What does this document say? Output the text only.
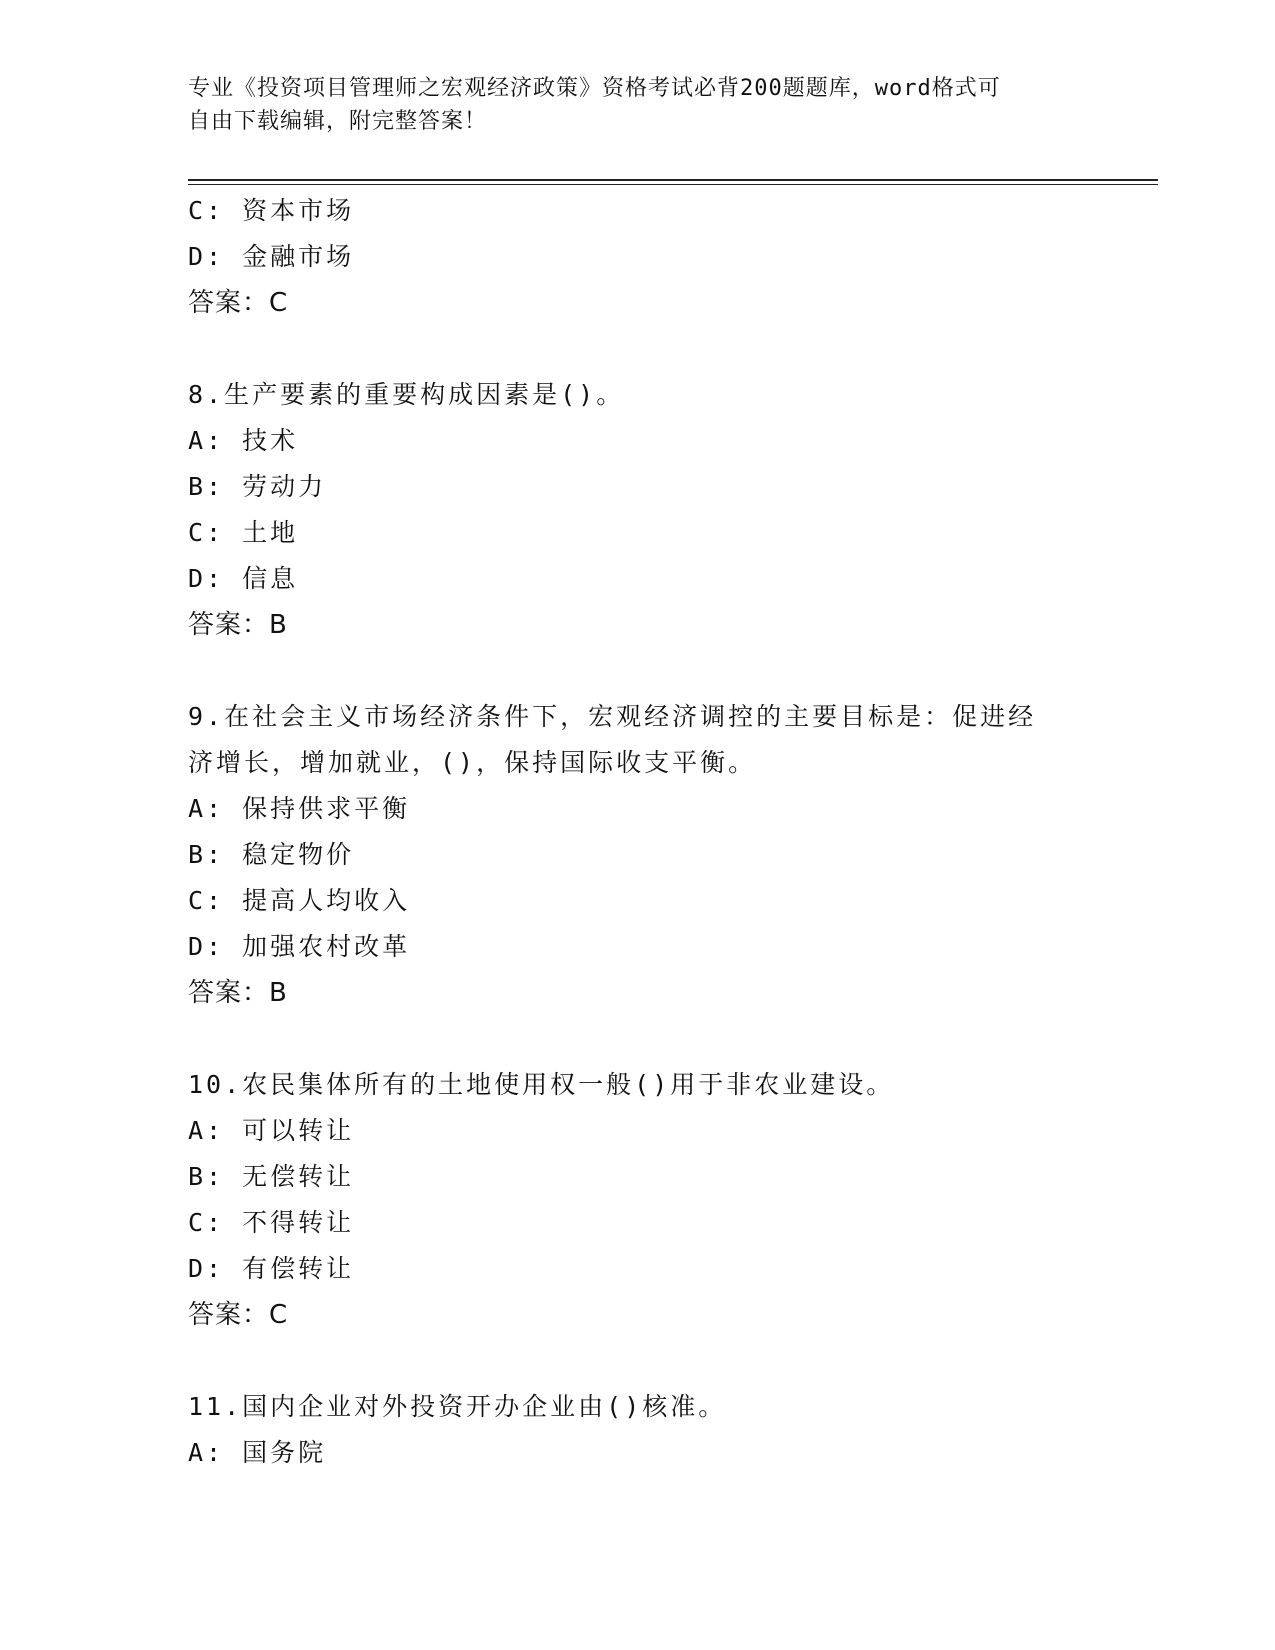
专业《投资项目管理师之宏观经济政策》资格考试必背200题题库，word格式可
自由下载编辑，附完整答案！
C: 资本市场
D: 金融市场
答案：C
8.生产要素的重要构成因素是()。
A: 技术
B: 劳动力
C: 土地
D: 信息
答案：B
9.在社会主义市场经济条件下，宏观经济调控的主要目标是：促进经
济增长，增加就业，()，保持国际收支平衡。
A: 保持供求平衡
B: 稳定物价
C: 提高人均收入
D: 加强农村改革
答案：B
10.农民集体所有的土地使用权一般()用于非农业建设。
A: 可以转让
B: 无偿转让
C: 不得转让
D: 有偿转让
答案：C
11.国内企业对外投资开办企业由()核准。
A: 国务院
